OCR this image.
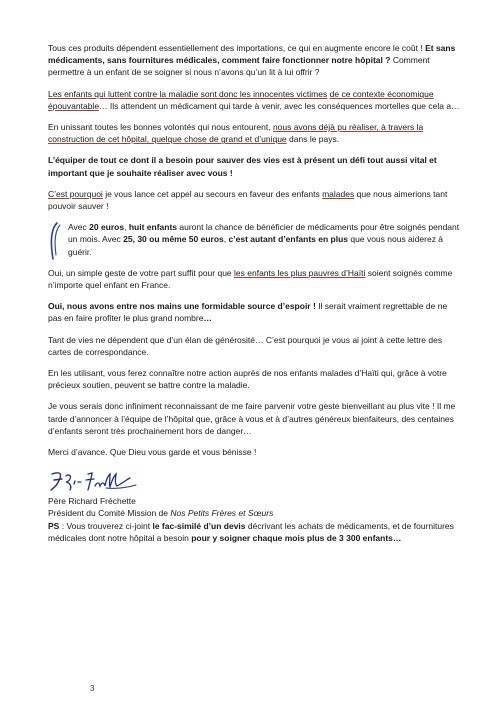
Tous ces produits dépendent essentiellement des importations, ce qui en augmente encore le coût ! Et sans médicaments, sans fournitures médicales, comment faire fonctionner notre hôpital ? Comment permettre à un enfant de se soigner si nous n’avons qu’un lit à lui offrir ?

Les enfants qui luttent contre la maladie sont donc les innocentes victimes de ce contexte économique épouvantable… Ils attendent un médicament qui tarde à venir, avec les conséquences mortelles que cela a…

En unissant toutes les bonnes volontés qui nous entourent, nous avons déjà pu réaliser, à travers la construction de cet hôpital, quelque chose de grand et d’unique dans le pays.

L’équiper de tout ce dont il a besoin pour sauver des vies est à présent un défi tout aussi vital et important que je souhaite réaliser avec vous !

C’est pourquoi je vous lance cet appel au secours en faveur des enfants malades que nous aimerions tant pouvoir sauver !

Avec 20 euros, huit enfants auront la chance de bénéficier de médicaments pour être soignés pendant un mois. Avec 25, 30 ou même 50 euros, c’est autant d’enfants en plus que vous nous aiderez à guérir.

Oui, un simple geste de votre part suffit pour que les enfants les plus pauvres d’Haïti soient soignés comme n’importe quel enfant en France.

Oui, nous avons entre nos mains une formidable source d’espoir ! Il serait vraiment regrettable de ne pas en faire profiter le plus grand nombre…

Tant de vies ne dépendent que d’un élan de générosité… C’est pourquoi je vous ai joint à cette lettre des cartes de correspondance.

En les utilisant, vous ferez connaître notre action auprès de nos enfants malades d’Haïti qui, grâce à votre précieux soutien, peuvent se battre contre la maladie.

Je vous serais donc infiniment reconnaissant de me faire parvenir votre geste bienveillant au plus vite ! Il me tarde d’annoncer à l’équipe de l’hôpital que, grâce à vous et à d’autres généreux bienfaiteurs, des centaines d’enfants seront très prochainement hors de danger…

Merci d’avance. Que Dieu vous garde et vous bénisse !

Père Richard Fréchette
Président du Comité Mission de Nos Petits Frères et Sœurs

PS : Vous trouverez ci-joint le fac-similé d’un devis décrivant les achats de médicaments, et de fournitures médicales dont notre hôpital a besoin pour y soigner chaque mois plus de 3 300 enfants…

3
